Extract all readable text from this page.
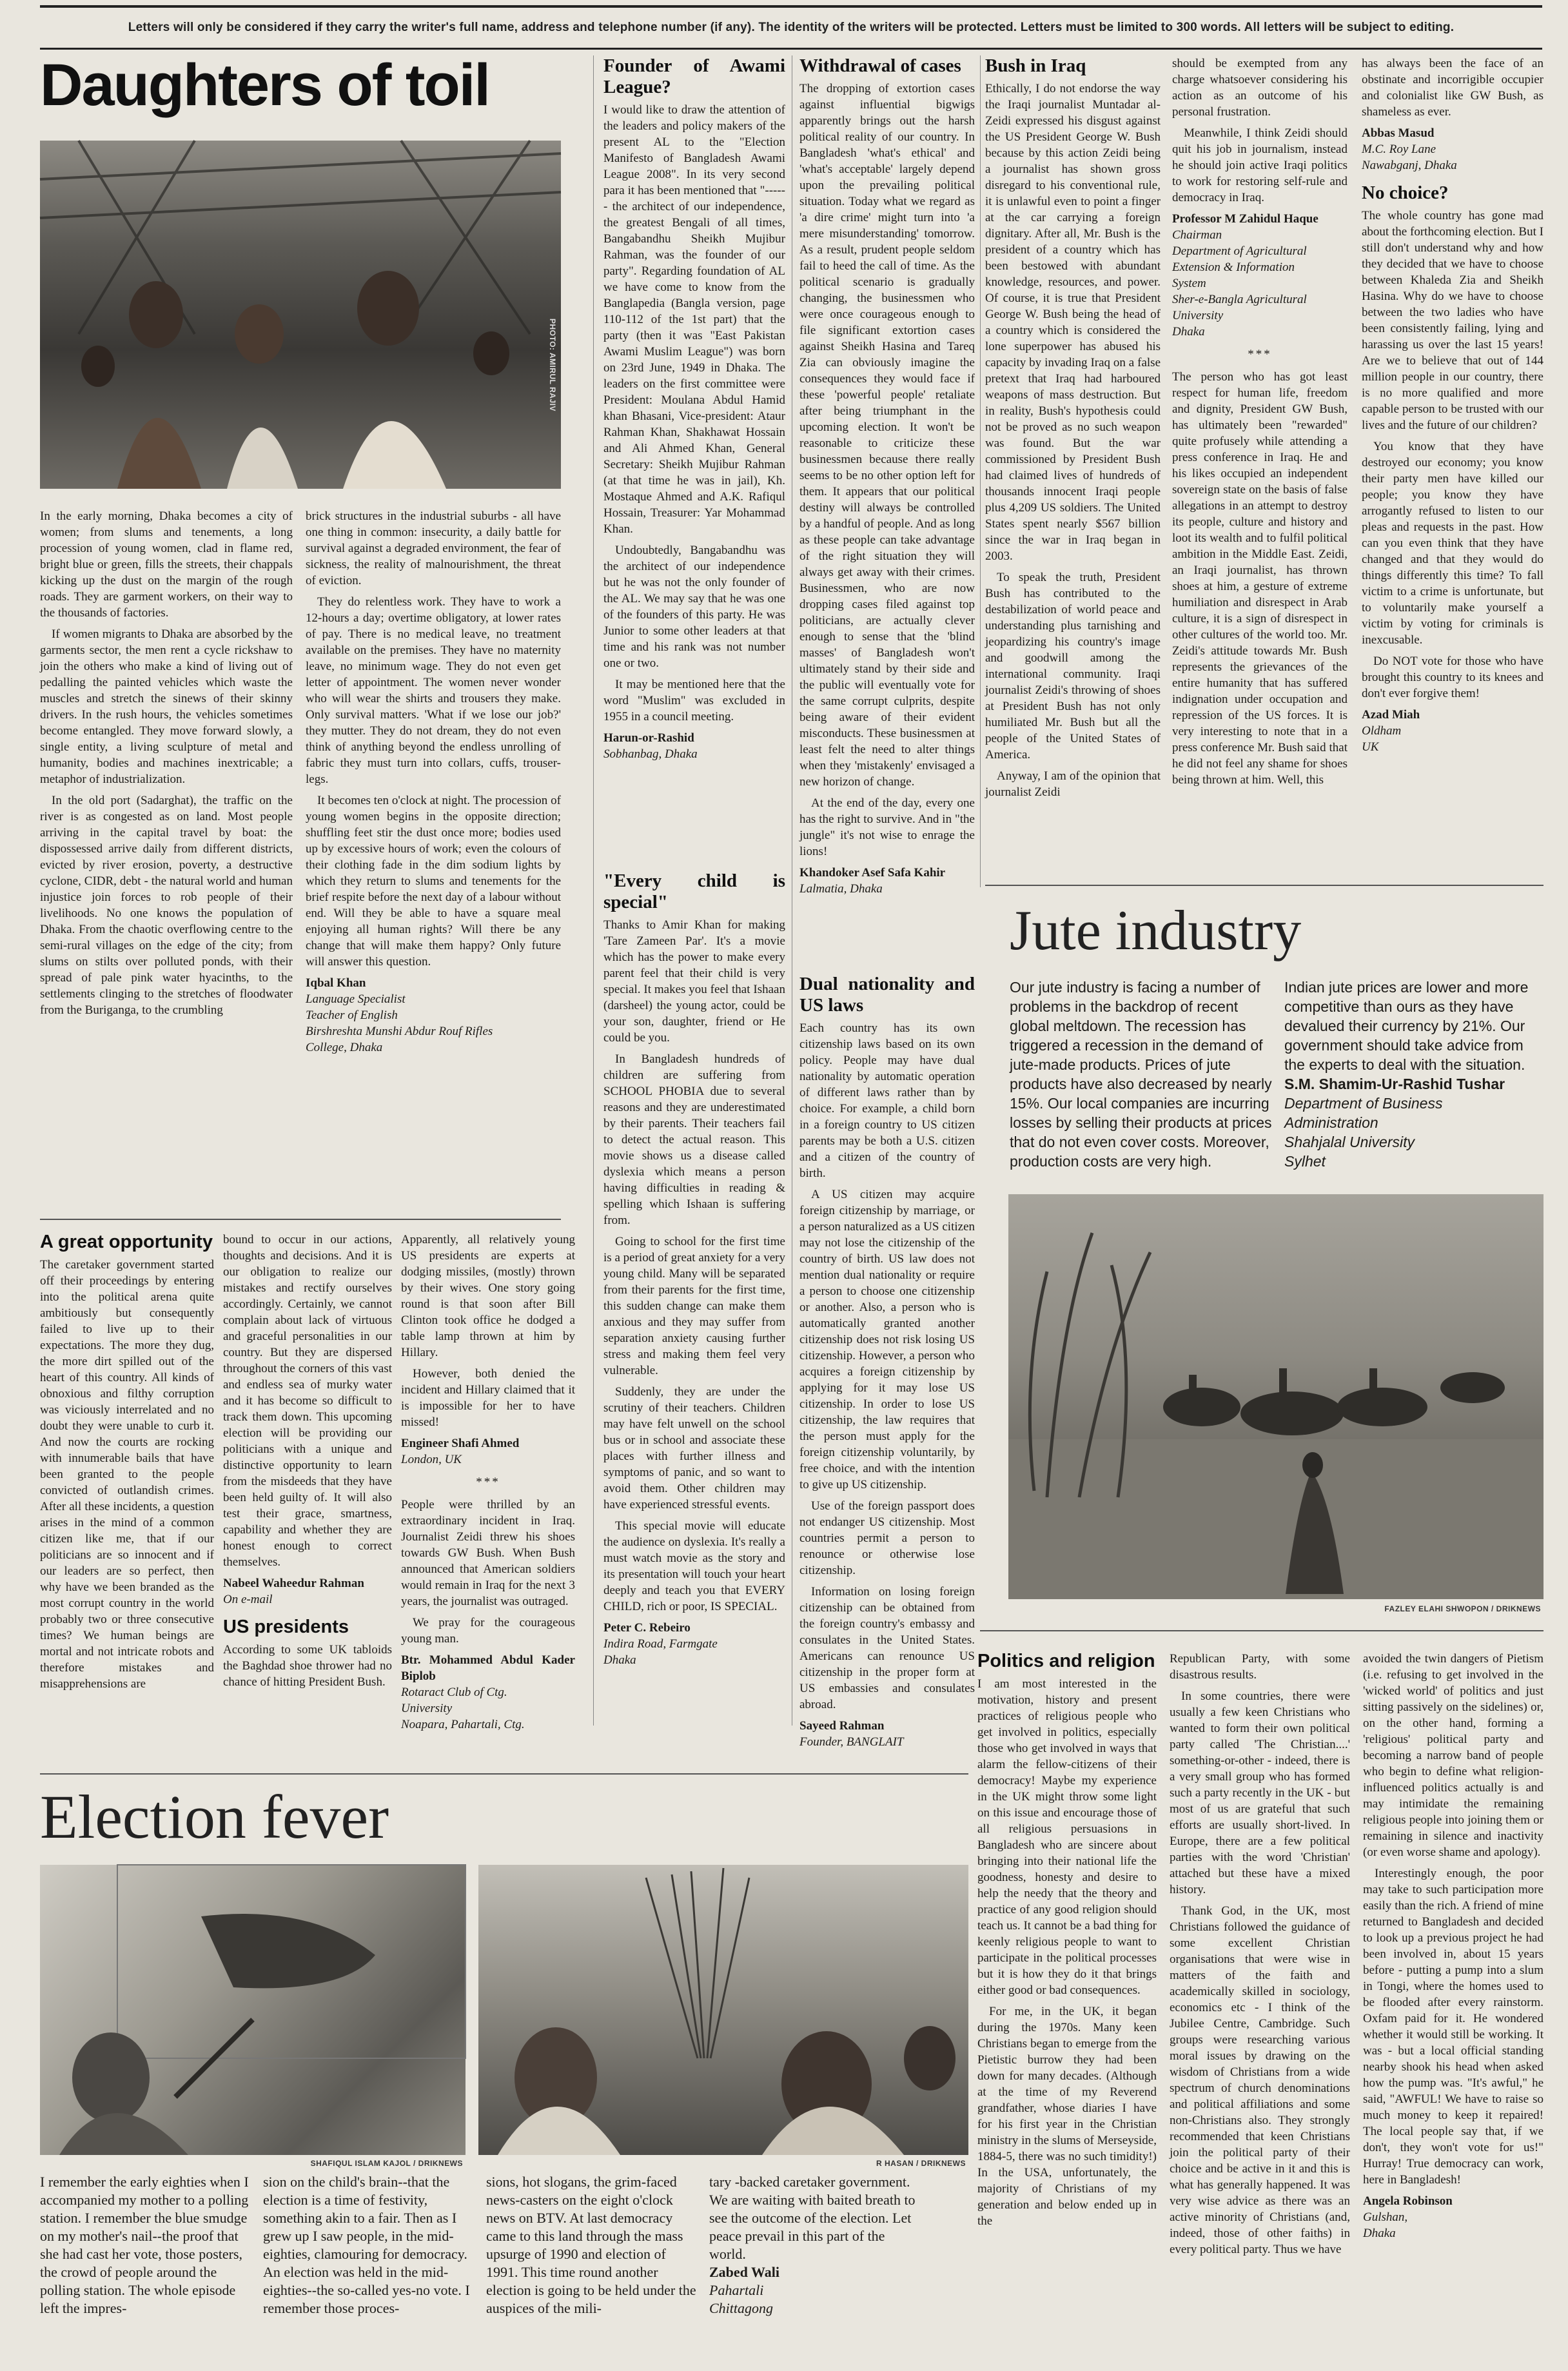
Letters will only be considered if they carry the writer's full name, address and telephone number (if any). The identity of the writers will be protected. Letters must be limited to 300 words. All letters will be subject to editing.
Daughters of toil
PHOTO: AMIRUL RAJIV

In the early morning, Dhaka becomes a city of women; from slums and tenements, a long procession of young women, clad in flame red, bright blue or green, fills the streets, their chappals kicking up the dust on the margin of the rough roads. They are garment workers, on their way to the thousands of factories.

If women migrants to Dhaka are absorbed by the garments sector, the men rent a cycle rickshaw to join the others who make a kind of living out of pedalling the painted vehicles which waste the muscles and stretch the sinews of their skinny drivers. In the rush hours, the vehicles sometimes become entangled. They move forward slowly, a single entity, a living sculpture of metal and humanity, bodies and machines inextricable; a metaphor of industrialization.

In the old port (Sadarghat), the traffic on the river is as congested as on land. Most people arriving in the capital travel by boat: the dispossessed arrive daily from different districts, evicted by river erosion, poverty, a destructive cyclone, CIDR, debt - the natural world and human injustice join forces to rob people of their livelihoods. No one knows the population of Dhaka. From the chaotic overflowing centre to the semi-rural villages on the edge of the city; from slums on stilts over polluted ponds, with their spread of pale pink water hyacinths, to the settlements clinging to the stretches of floodwater from the Buriganga, to the crumbling

brick structures in the industrial suburbs - all have one thing in common: insecurity, a daily battle for survival against a degraded environment, the fear of sickness, the reality of malnourishment, the threat of eviction.

They do relentless work. They have to work a 12-hours a day; overtime obligatory, at lower rates of pay. There is no medical leave, no treatment available on the premises. They have no maternity leave, no minimum wage. They do not even get letter of appointment. The women never wonder who will wear the shirts and trousers they make. Only survival matters. 'What if we lose our job?' they mutter. They do not dream, they do not even think of anything beyond the endless unrolling of fabric they must turn into collars, cuffs, trouser-legs.

It becomes ten o'clock at night. The procession of young women begins in the opposite direction; shuffling feet stir the dust once more; bodies used up by excessive hours of work; even the colours of their clothing fade in the dim sodium lights by which they return to slums and tenements for the brief respite before the next day of a labour without end. Will they be able to have a square meal enjoying all human rights? Will there be any change that will make them happy? Only future will answer this question.

Iqbal Khan

Language Specialist

Teacher of English

Birshreshta Munshi Abdur Rouf Rifles

College, Dhaka

Founder of Awami League?

I would like to draw the attention of the leaders and policy makers of the present AL to the "Election Manifesto of Bangladesh Awami League 2008". In its very second para it has been mentioned that "------ the architect of our independence, the greatest Bengali of all times, Bangabandhu Sheikh Mujibur Rahman, was the founder of our party". Regarding foundation of AL we have come to know from the Banglapedia (Bangla version, page 110-112 of the 1st part) that the party (then it was "East Pakistan Awami Muslim League") was born on 23rd June, 1949 in Dhaka. The leaders on the first committee were President: Moulana Abdul Hamid khan Bhasani, Vice-president: Ataur Rahman Khan, Shakhawat Hossain and Ali Ahmed Khan, General Secretary: Sheikh Mujibur Rahman (at that time he was in jail), Kh. Mostaque Ahmed and A.K. Rafiqul Hossain, Treasurer: Yar Mohammad Khan.

Undoubtedly, Bangabandhu was the architect of our independence but he was not the only founder of the AL. We may say that he was one of the founders of this party. He was Junior to some other leaders at that time and his rank was not number one or two.

It may be mentioned here that the word "Muslim" was excluded in 1955 in a council meeting.

Harun-or-Rashid

Sobhanbag, Dhaka

"Every child is special"

Thanks to Amir Khan for making 'Tare Zameen Par'. It's a movie which has the power to make every parent feel that their child is very special. It makes you feel that Ishaan (darsheel) the young actor, could be your son, daughter, friend or He could be you.

In Bangladesh hundreds of children are suffering from SCHOOL PHOBIA due to several reasons and they are underestimated by their parents. Their teachers fail to detect the actual reason. This movie shows us a disease called dyslexia which means a person having difficulties in reading & spelling which Ishaan is suffering from.

Going to school for the first time is a period of great anxiety for a very young child. Many will be separated from their parents for the first time, this sudden change can make them anxious and they may suffer from separation anxiety causing further stress and making them feel very vulnerable.

Suddenly, they are under the scrutiny of their teachers. Children may have felt unwell on the school bus or in school and associate these places with further illness and symptoms of panic, and so want to avoid them. Other children may have experienced stressful events.

This special movie will educate the audience on dyslexia. It's really a must watch movie as the story and its presentation will touch your heart deeply and teach you that EVERY CHILD, rich or poor, IS SPECIAL.

Peter C. Rebeiro

Indira Road, Farmgate

Dhaka

Withdrawal of cases

The dropping of extortion cases against influential bigwigs apparently brings out the harsh political reality of our country. In Bangladesh 'what's ethical' and 'what's acceptable' largely depend upon the prevailing political situation. Today what we regard as 'a dire crime' might turn into 'a mere misunderstanding' tomorrow. As a result, prudent people seldom fail to heed the call of time. As the political scenario is gradually changing, the businessmen who were once courageous enough to file significant extortion cases against Sheikh Hasina and Tareq Zia can obviously imagine the consequences they would face if these 'powerful people' retaliate after being triumphant in the upcoming election. It won't be reasonable to criticize these businessmen because there really seems to be no other option left for them. It appears that our political destiny will always be controlled by a handful of people. And as long as these people can take advantage of the right situation they will always get away with their crimes. Businessmen, who are now dropping cases filed against top politicians, are actually clever enough to sense that the 'blind masses' of Bangladesh won't ultimately stand by their side and the public will eventually vote for the same corrupt culprits, despite being aware of their evident misconducts. These businessmen at least felt the need to alter things when they 'mistakenly' envisaged a new horizon of change.

At the end of the day, every one has the right to survive. And in "the jungle" it's not wise to enrage the lions!

Khandoker Asef Safa Kahir

Lalmatia, Dhaka

Dual nationality and US laws

Each country has its own citizenship laws based on its own policy. People may have dual nationality by automatic operation of different laws rather than by choice. For example, a child born in a foreign country to US citizen parents may be both a U.S. citizen and a citizen of the country of birth.

A US citizen may acquire foreign citizenship by marriage, or a person naturalized as a US citizen may not lose the citizenship of the country of birth. US law does not mention dual nationality or require a person to choose one citizenship or another. Also, a person who is automatically granted another citizenship does not risk losing US citizenship. However, a person who acquires a foreign citizenship by applying for it may lose US citizenship. In order to lose US citizenship, the law requires that the person must apply for the foreign citizenship voluntarily, by free choice, and with the intention to give up US citizenship.

Use of the foreign passport does not endanger US citizenship. Most countries permit a person to renounce or otherwise lose citizenship.

Information on losing foreign citizenship can be obtained from the foreign country's embassy and consulates in the United States. Americans can renounce US citizenship in the proper form at US embassies and consulates abroad.

Sayeed Rahman

Founder, BANGLAIT

Bush in Iraq

Ethically, I do not endorse the way the Iraqi journalist Muntadar al-Zeidi expressed his disgust against the US President George W. Bush because by this action Zeidi being a journalist has shown gross disregard to his conventional rule, it is unlawful even to point a finger at the car carrying a foreign dignitary. After all, Mr. Bush is the president of a country which has been bestowed with abundant knowledge, resources, and power. Of course, it is true that President George W. Bush being the head of a country which is considered the lone superpower has abused his capacity by invading Iraq on a false pretext that Iraq had harboured weapons of mass destruction. But in reality, Bush's hypothesis could not be proved as no such weapon was found. But the war commissioned by President Bush had claimed lives of hundreds of thousands innocent Iraqi people plus 4,209 US soldiers. The United States spent nearly $567 billion since the war in Iraq began in 2003.

To speak the truth, President Bush has contributed to the destabilization of world peace and understanding plus tarnishing and jeopardizing his country's image and goodwill among the international community. Iraqi journalist Zeidi's throwing of shoes at President Bush has not only humiliated Mr. Bush but all the people of the United States of America.

Anyway, I am of the opinion that journalist Zeidi

should be exempted from any charge whatsoever considering his action as an outcome of his personal frustration.

Meanwhile, I think Zeidi should quit his job in journalism, instead he should join active Iraqi politics to work for restoring self-rule and democracy in Iraq.

Professor M Zahidul Haque

Chairman

Department of Agricultural

Extension & Information

System

Sher-e-Bangla Agricultural

University

Dhaka

***

The person who has got least respect for human life, freedom and dignity, President GW Bush, has ultimately been "rewarded" quite profusely while attending a press conference in Iraq. He and his likes occupied an independent sovereign state on the basis of false allegations in an attempt to destroy its people, culture and history and loot its wealth and to fulfil political ambition in the Middle East. Zeidi, an Iraqi journalist, has thrown shoes at him, a gesture of extreme humiliation and disrespect in Arab culture, it is a sign of disrespect in other cultures of the world too. Mr. Zeidi's attitude towards Mr. Bush represents the grievances of the entire humanity that has suffered indignation under occupation and repression of the US forces. It is very interesting to note that in a press conference Mr. Bush said that he did not feel any shame for shoes being thrown at him. Well, this

has always been the face of an obstinate and incorrigible occupier and colonialist like GW Bush, as shameless as ever.

Abbas Masud

M.C. Roy Lane

Nawabganj, Dhaka

No choice?

The whole country has gone mad about the forthcoming election. But I still don't understand why and how they decided that we have to choose between Khaleda Zia and Sheikh Hasina. Why do we have to choose between the two ladies who have been consistently failing, lying and harassing us over the last 15 years! Are we to believe that out of 144 million people in our country, there is no more qualified and more capable person to be trusted with our lives and the future of our children?

You know that they have destroyed our economy; you know their party men have killed our people; you know they have arrogantly refused to listen to our pleas and requests in the past. How can you even think that they have changed and that they would do things differently this time? To fall victim to a crime is unfortunate, but to voluntarily make yourself a victim by voting for criminals is inexcusable.

Do NOT vote for those who have brought this country to its knees and don't ever forgive them!

Azad Miah

Oldham

UK

Jute industry

Our jute industry is facing a number of problems in the backdrop of recent global meltdown. The recession has triggered a recession in the demand of jute-made products. Prices of jute products have also decreased by nearly 15%. Our local companies are incurring losses by selling their products at prices that do not even cover costs. Moreover, production costs are very high.

Indian jute prices are lower and more competitive than ours as they have devalued their currency by 21%. Our government should take advice from the experts to deal with the situation.

S.M. Shamim-Ur-Rashid Tushar

Department of Business

Administration

Shahjalal University

Sylhet

FAZLEY ELAHI SHWOPON / DRIKNEWS
A great opportunity

The caretaker government started off their proceedings by entering into the political arena quite ambitiously but consequently failed to live up to their expectations. The more they dug, the more dirt spilled out of the heart of this country. All kinds of obnoxious and filthy corruption was viciously interrelated and no doubt they were unable to curb it. And now the courts are rocking with innumerable bails that have been granted to the people convicted of outlandish crimes. After all these incidents, a question arises in the mind of a common citizen like me, that if our politicians are so innocent and if our leaders are so perfect, then why have we been branded as the most corrupt country in the world probably two or three consecutive times? We human beings are mortal and not intricate robots and therefore mistakes and misapprehensions are

bound to occur in our actions, thoughts and decisions. And it is our obligation to realize our mistakes and rectify ourselves accordingly. Certainly, we cannot complain about lack of virtuous and graceful personalities in our country. But they are dispersed throughout the corners of this vast and endless sea of murky water and it has become so difficult to track them down. This upcoming election will be providing our politicians with a unique and distinctive opportunity to learn from the misdeeds that they have been held guilty of. It will also test their grace, smartness, capability and whether they are honest enough to correct themselves.

Nabeel Waheedur Rahman

On e-mail

US presidents

According to some UK tabloids the Baghdad shoe thrower had no chance of hitting President Bush.

Apparently, all relatively young US presidents are experts at dodging missiles, (mostly) thrown by their wives. One story going round is that soon after Bill Clinton took office he dodged a table lamp thrown at him by Hillary.

However, both denied the incident and Hillary claimed that it is impossible for her to have missed!

Engineer Shafi Ahmed

London, UK

***

People were thrilled by an extraordinary incident in Iraq. Journalist Zeidi threw his shoes towards GW Bush. When Bush announced that American soldiers would remain in Iraq for the next 3 years, the journalist was outraged.

We pray for the courageous young man.

Btr. Mohammed Abdul Kader Biplob

Rotaract Club of Ctg.

University

Noapara, Pahartali, Ctg.

Politics and religion

I am most interested in the motivation, history and present practices of religious people who get involved in politics, especially those who get involved in ways that alarm the fellow-citizens of their democracy! Maybe my experience in the UK might throw some light on this issue and encourage those of all religious persuasions in Bangladesh who are sincere about bringing into their national life the goodness, honesty and desire to help the needy that the theory and practice of any good religion should teach us. It cannot be a bad thing for keenly religious people to want to participate in the political processes but it is how they do it that brings either good or bad consequences.

For me, in the UK, it began during the 1970s. Many keen Christians began to emerge from the Pietistic burrow they had been down for many decades. (Although at the time of my Reverend grandfather, whose diaries I have for his first year in the Christian ministry in the slums of Merseyside, 1884-5, there was no such timidity!) In the USA, unfortunately, the majority of Christians of my generation and below ended up in the

Republican Party, with some disastrous results.

In some countries, there were usually a few keen Christians who wanted to form their own political party called 'The Christian....' something-or-other - indeed, there is a very small group who has formed such a party recently in the UK - but most of us are grateful that such efforts are usually short-lived. In Europe, there are a few political parties with the word 'Christian' attached but these have a mixed history.

Thank God, in the UK, most Christians followed the guidance of some excellent Christian organisations that were wise in matters of the faith and academically skilled in sociology, economics etc - I think of the Jubilee Centre, Cambridge. Such groups were researching various moral issues by drawing on the wisdom of Christians from a wide spectrum of church denominations and political affiliations and some non-Christians also. They strongly recommended that keen Christians join the political party of their choice and be active in it and this is what has generally happened. It was very wise advice as there was an active minority of Christians (and, indeed, those of other faiths) in every political party. Thus we have

avoided the twin dangers of Pietism (i.e. refusing to get involved in the 'wicked world' of politics and just sitting passively on the sidelines) or, on the other hand, forming a 'religious' political party and becoming a narrow band of people who begin to define what religion-influenced politics actually is and may intimidate the remaining religious people into joining them or remaining in silence and inactivity (or even worse shame and apology).

Interestingly enough, the poor may take to such participation more easily than the rich. A friend of mine returned to Bangladesh and decided to look up a previous project he had been involved in, about 15 years before - putting a pump into a slum in Tongi, where the homes used to be flooded after every rainstorm. Oxfam paid for it. He wondered whether it would still be working. It was - but a local official standing nearby shook his head when asked how the pump was. "It's awful," he said, "AWFUL! We have to raise so much money to keep it repaired! The local people say that, if we don't, they won't vote for us!" Hurray! True democracy can work, here in Bangladesh!

Angela Robinson

Gulshan,

Dhaka

Election fever
SHAFIQUL ISLAM KAJOL / DRIKNEWS	R HASAN / DRIKNEWS

I remember the early eighties when I accompanied my mother to a polling station. I remember the blue smudge on my mother's nail--the proof that she had cast her vote, those posters, the crowd of people around the polling station. The whole episode left the impres-

sion on the child's brain--that the election is a time of festivity, something akin to a fair. Then as I grew up I saw people, in the mid- eighties, clamouring for democracy. An election was held in the mid- eighties--the so-called yes-no vote. I remember those proces-

sions, hot slogans, the grim-faced news-casters on the eight o'clock news on BTV. At last democracy came to this land through the mass upsurge of 1990 and election of 1991. This time round another election is going to be held under the auspices of the mili-

tary -backed caretaker government. We are waiting with baited breath to see the outcome of the election. Let peace prevail in this part of the world.

Zabed Wali

Pahartali

Chittagong
